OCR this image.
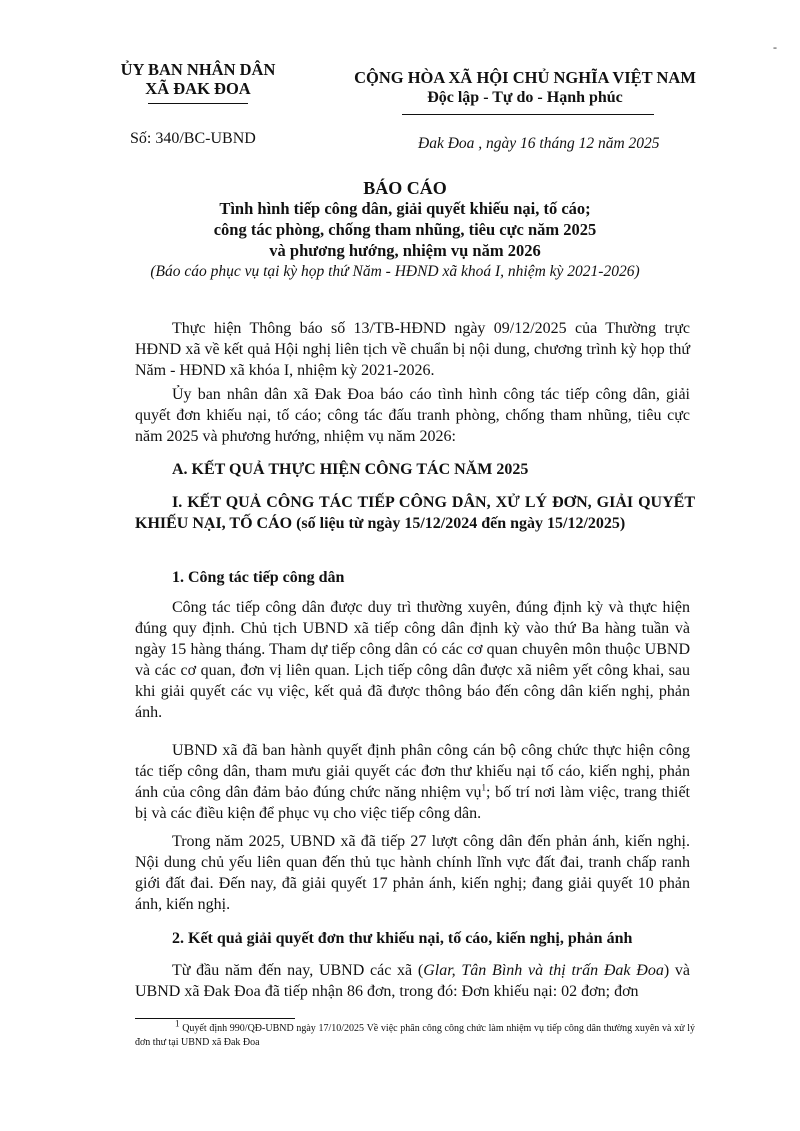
-
ỦY BAN NHÂN DÂN
XÃ ĐAK ĐOA
CỘNG HÒA XÃ HỘI CHỦ NGHĨA VIỆT NAM
Độc lập - Tự do - Hạnh phúc
Số: 340/BC-UBND	Đak Đoa , ngày 16 tháng 12 năm 2025
BÁO CÁO
Tình hình tiếp công dân, giải quyết khiếu nại, tố cáo;
công tác phòng, chống tham nhũng, tiêu cực năm 2025
và phương hướng, nhiệm vụ năm 2026
(Báo cáo phục vụ tại kỳ họp thứ Năm - HĐND xã khoá I, nhiệm kỳ 2021-2026)
Thực hiện Thông báo số 13/TB-HĐND ngày 09/12/2025 của Thường trực HĐND xã về kết quả Hội nghị liên tịch về chuẩn bị nội dung, chương trình kỳ họp thứ Năm - HĐND xã khóa I, nhiệm kỳ 2021-2026.
Ủy ban nhân dân xã Đak Đoa báo cáo tình hình công tác tiếp công dân, giải quyết đơn khiếu nại, tố cáo; công tác đấu tranh phòng, chống tham nhũng, tiêu cực năm 2025 và phương hướng, nhiệm vụ năm 2026:
A. KẾT QUẢ THỰC HIỆN CÔNG TÁC NĂM 2025
I. KẾT QUẢ CÔNG TÁC TIẾP CÔNG DÂN, XỬ LÝ ĐƠN, GIẢI QUYẾT KHIẾU NẠI, TỐ CÁO (số liệu từ ngày 15/12/2024 đến ngày 15/12/2025)
1. Công tác tiếp công dân
Công tác tiếp công dân được duy trì thường xuyên, đúng định kỳ và thực hiện đúng quy định. Chủ tịch UBND xã tiếp công dân định kỳ vào thứ Ba hàng tuần và ngày 15 hàng tháng. Tham dự tiếp công dân có các cơ quan chuyên môn thuộc UBND và các cơ quan, đơn vị liên quan. Lịch tiếp công dân được xã niêm yết công khai, sau khi giải quyết các vụ việc, kết quả đã được thông báo đến công dân kiến nghị, phản ánh.
UBND xã đã ban hành quyết định phân công cán bộ công chức thực hiện công tác tiếp công dân, tham mưu giải quyết các đơn thư khiếu nại tố cáo, kiến nghị, phản ánh của công dân đảm bảo đúng chức năng nhiệm vụ$^1$; bố trí nơi làm việc, trang thiết bị và các điều kiện để phục vụ cho việc tiếp công dân.
Trong năm 2025, UBND xã đã tiếp 27 lượt công dân đến phản ánh, kiến nghị. Nội dung chủ yếu liên quan đến thủ tục hành chính lĩnh vực đất đai, tranh chấp ranh giới đất đai. Đến nay, đã giải quyết 17 phản ánh, kiến nghị; đang giải quyết 10 phản ánh, kiến nghị.
2. Kết quả giải quyết đơn thư khiếu nại, tố cáo, kiến nghị, phản ánh
Từ đầu năm đến nay, UBND các xã (Glar, Tân Bình và thị trấn Đak Đoa) và UBND xã Đak Đoa đã tiếp nhận 86 đơn, trong đó: Đơn khiếu nại: 02 đơn; đơn
$^1$ Quyết định 990/QĐ-UBND ngày 17/10/2025 Về việc phân công công chức làm nhiệm vụ tiếp công dân thường xuyên và xử lý đơn thư tại UBND xã Đak Đoa
